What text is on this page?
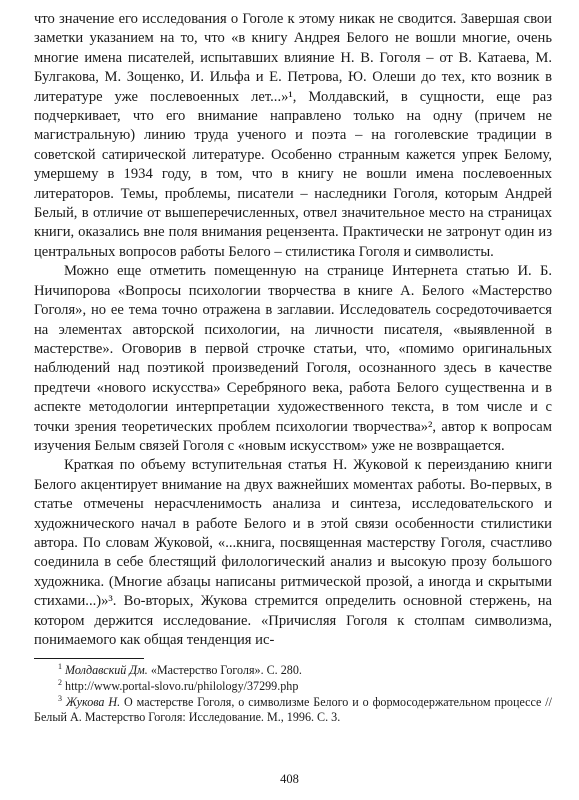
что значение его исследования о Гоголе к этому никак не сводится. Завершая свои заметки указанием на то, что «в книгу Андрея Белого не вошли многие, очень многие имена писателей, испытавших влияние Н. В. Гоголя – от В. Катаева, М. Булгакова, М. Зощенко, И. Ильфа и Е. Петрова, Ю. Олеши до тех, кто возник в литературе уже послевоенных лет...»¹, Молдавский, в сущности, еще раз подчеркивает, что его внимание направлено только на одну (причем не магистральную) линию труда ученого и поэта – на гоголевские традиции в советской сатирической литературе. Особенно странным кажется упрек Белому, умершему в 1934 году, в том, что в книгу не вошли имена послевоенных литераторов. Темы, проблемы, писатели – наследники Гоголя, которым Андрей Белый, в отличие от вышеперечисленных, отвел значительное место на страницах книги, оказались вне поля внимания рецензента. Практически не затронут один из центральных вопросов работы Белого – стилистика Гоголя и символисты.

Можно еще отметить помещенную на странице Интернета статью И. Б. Ничипорова «Вопросы психологии творчества в книге А. Белого «Мастерство Гоголя», но ее тема точно отражена в заглавии. Исследователь сосредоточивается на элементах авторской психологии, на личности писателя, «выявленной в мастерстве». Оговорив в первой строчке статьи, что, «помимо оригинальных наблюдений над поэтикой произведений Гоголя, осознанного здесь в качестве предтечи «нового искусства» Серебряного века, работа Белого существенна и в аспекте методологии интерпретации художественного текста, в том числе и с точки зрения теоретических проблем психологии творчества»², автор к вопросам изучения Белым связей Гоголя с «новым искусством» уже не возвращается.

Краткая по объему вступительная статья Н. Жуковой к переизданию книги Белого акцентирует внимание на двух важнейших моментах работы. Во-первых, в статье отмечены нерасчленимость анализа и синтеза, исследовательского и художнического начал в работе Белого и в этой связи особенности стилистики автора. По словам Жуковой, «...книга, посвященная мастерству Гоголя, счастливо соединила в себе блестящий филологический анализ и высокую прозу большого художника. (Многие абзацы написаны ритмической прозой, а иногда и скрытыми стихами...)»³. Во-вторых, Жукова стремится определить основной стержень, на котором держится исследование. «Причисляя Гоголя к столпам символизма, понимаемого как общая тенденция ис-

$^1$ Молдавский Дм. «Мастерство Гоголя». С. 280.

$^2$ http://www.portal-slovo.ru/philology/37299.php

$^3$ Жукова Н. О мастерстве Гоголя, о символизме Белого и о формосодержательном процессе // Белый А. Мастерство Гоголя: Исследование. М., 1996. С. 3.

408
